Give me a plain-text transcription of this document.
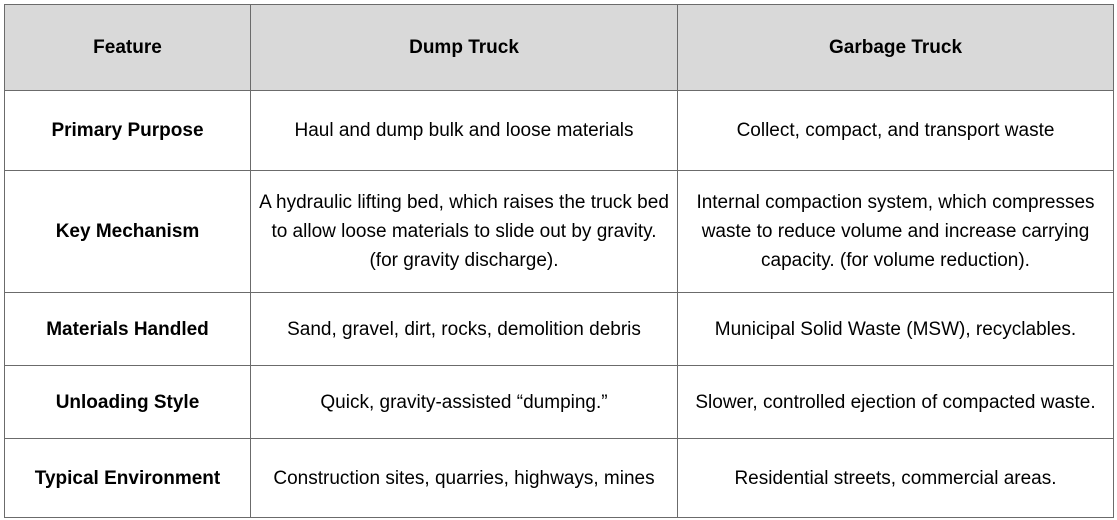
Feature	Dump Truck	Garbage Truck
Primary Purpose	Haul and dump bulk and loose materials	Collect, compact, and transport waste
Key Mechanism	A hydraulic lifting bed, which raises the truck bed to allow loose materials to slide out by gravity. (for gravity discharge).	Internal compaction system, which compresses waste to reduce volume and increase carrying capacity. (for volume reduction).
Materials Handled	Sand, gravel, dirt, rocks, demolition debris	Municipal Solid Waste (MSW), recyclables.
Unloading Style	Quick, gravity-assisted “dumping.”	Slower, controlled ejection of compacted waste.
Typical Environment	Construction sites, quarries, highways, mines	Residential streets, commercial areas.
